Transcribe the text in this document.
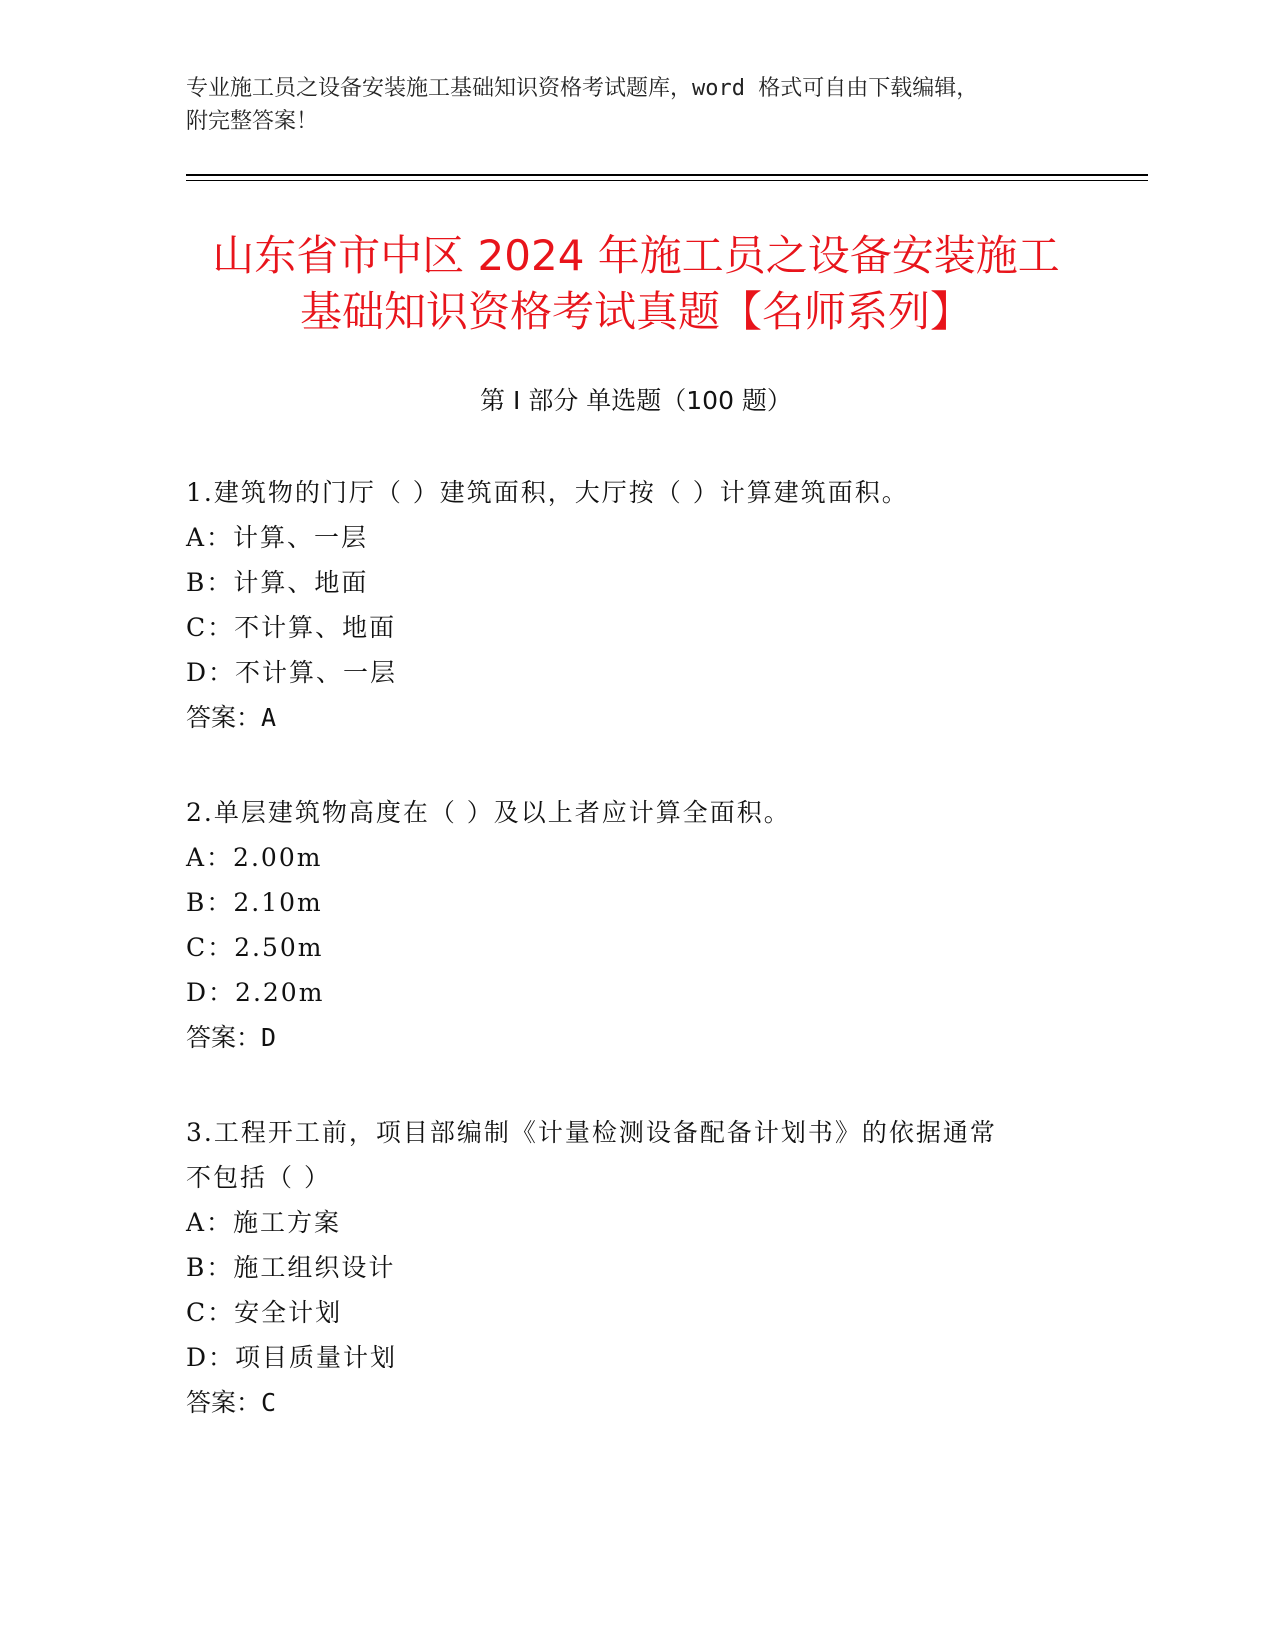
专业施工员之设备安装施工基础知识资格考试题库，word 格式可自由下载编辑，
附完整答案！
山东省市中区 2024 年施工员之设备安装施工
基础知识资格考试真题【名师系列】
第 I 部分 单选题（100 题）

1.建筑物的门厅（ ）建筑面积，大厅按（ ）计算建筑面积。

A：计算、一层

B：计算、地面

C：不计算、地面

D：不计算、一层

答案：A

2.单层建筑物高度在（ ）及以上者应计算全面积。

A：2.00m

B：2.10m

C：2.50m

D：2.20m

答案：D

3.工程开工前，项目部编制《计量检测设备配备计划书》的依据通常

不包括（ ）

A：施工方案

B：施工组织设计

C：安全计划

D：项目质量计划

答案：C
